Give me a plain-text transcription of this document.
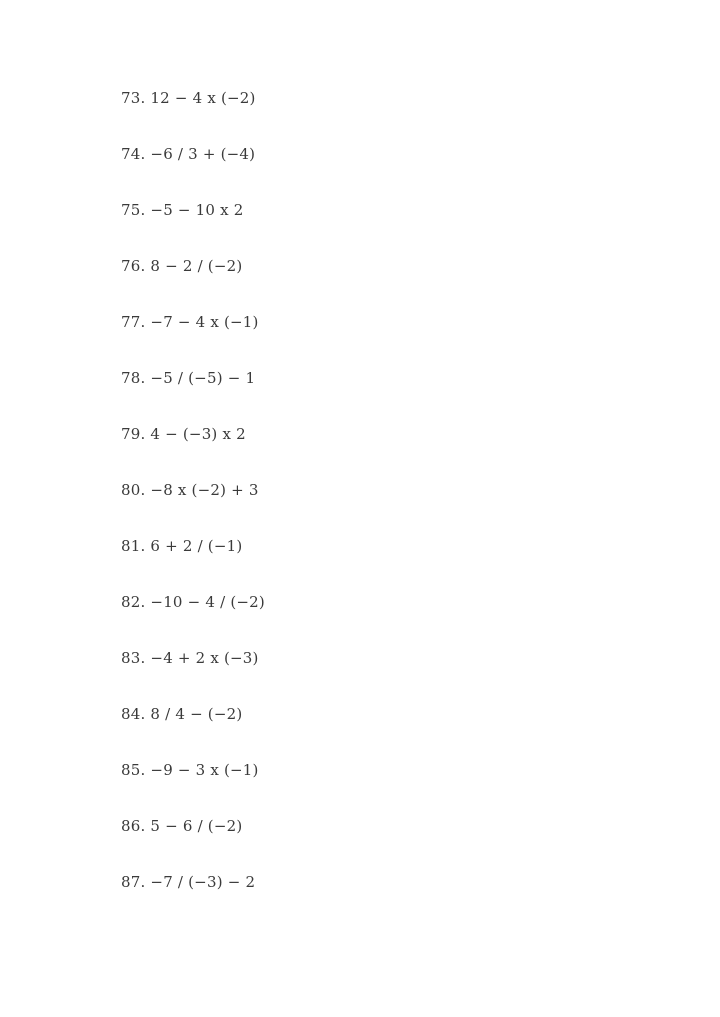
73. 12 − 4 x (−2)
74. −6 / 3 + (−4)
75. −5 − 10 x 2
76. 8 − 2 / (−2)
77. −7 − 4 x (−1)
78. −5 / (−5) − 1
79. 4 − (−3) x 2
80. −8 x (−2) + 3
81. 6 + 2 / (−1)
82. −10 − 4 / (−2)
83. −4 + 2 x (−3)
84. 8 / 4 − (−2)
85. −9 − 3 x (−1)
86. 5 − 6 / (−2)
87. −7 / (−3) − 2
